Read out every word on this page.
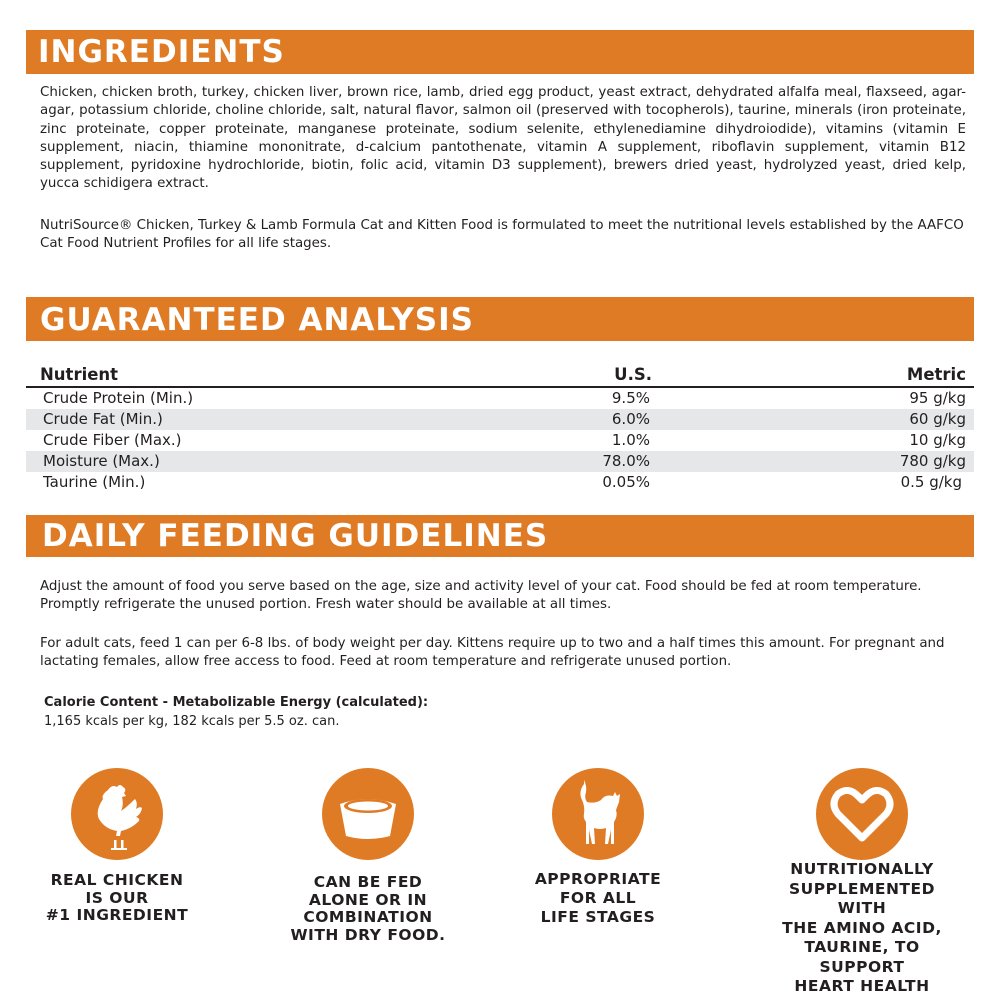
INGREDIENTS

Chicken, chicken broth, turkey, chicken liver, brown rice, lamb, dried egg product, yeast extract, dehydrated alfalfa meal, flaxseed, agar-agar, potassium chloride, choline chloride, salt, natural flavor, salmon oil (preserved with tocopherols), taurine, minerals (iron proteinate, zinc proteinate, copper proteinate, manganese proteinate, sodium selenite, ethylenediamine dihydroiodide), vitamins (vitamin E supplement, niacin, thiamine mononitrate, d-calcium pantothenate, vitamin A supplement, riboflavin supplement, vitamin B12 supplement, pyridoxine hydrochloride, biotin, folic acid, vitamin D3 supplement), brewers dried yeast, hydrolyzed yeast, dried kelp, yucca schidigera extract.

NutriSource® Chicken, Turkey & Lamb Formula Cat and Kitten Food is formulated to meet the nutritional levels established by the AAFCO Cat Food Nutrient Profiles for all life stages.

GUARANTEED ANALYSIS
Nutrient	U.S.	Metric
Crude Protein (Min.)	9.5%	95 g/kg
Crude Fat (Min.)	6.0%	60 g/kg
Crude Fiber (Max.)	1.0%	10 g/kg
Moisture (Max.)	78.0%	780 g/kg
Taurine (Min.)	0.05%	0.5 g/kg
DAILY FEEDING GUIDELINES

Adjust the amount of food you serve based on the age, size and activity level of your cat. Food should be fed at room temperature. Promptly refrigerate the unused portion. Fresh water should be available at all times.

For adult cats, feed 1 can per 6-8 lbs. of body weight per day. Kittens require up to two and a half times this amount. For pregnant and lactating females, allow free access to food. Feed at room temperature and refrigerate unused portion.

Calorie Content - Metabolizable Energy (calculated):

1,165 kcals per kg, 182 kcals per 5.5 oz. can.

REAL CHICKEN
IS OUR
#1 INGREDIENT
CAN BE FED
ALONE OR IN
COMBINATION
WITH DRY FOOD.
APPROPRIATE
FOR ALL
LIFE STAGES
NUTRITIONALLY
SUPPLEMENTED WITH
THE AMINO ACID,
TAURINE, TO SUPPORT
HEART HEALTH
